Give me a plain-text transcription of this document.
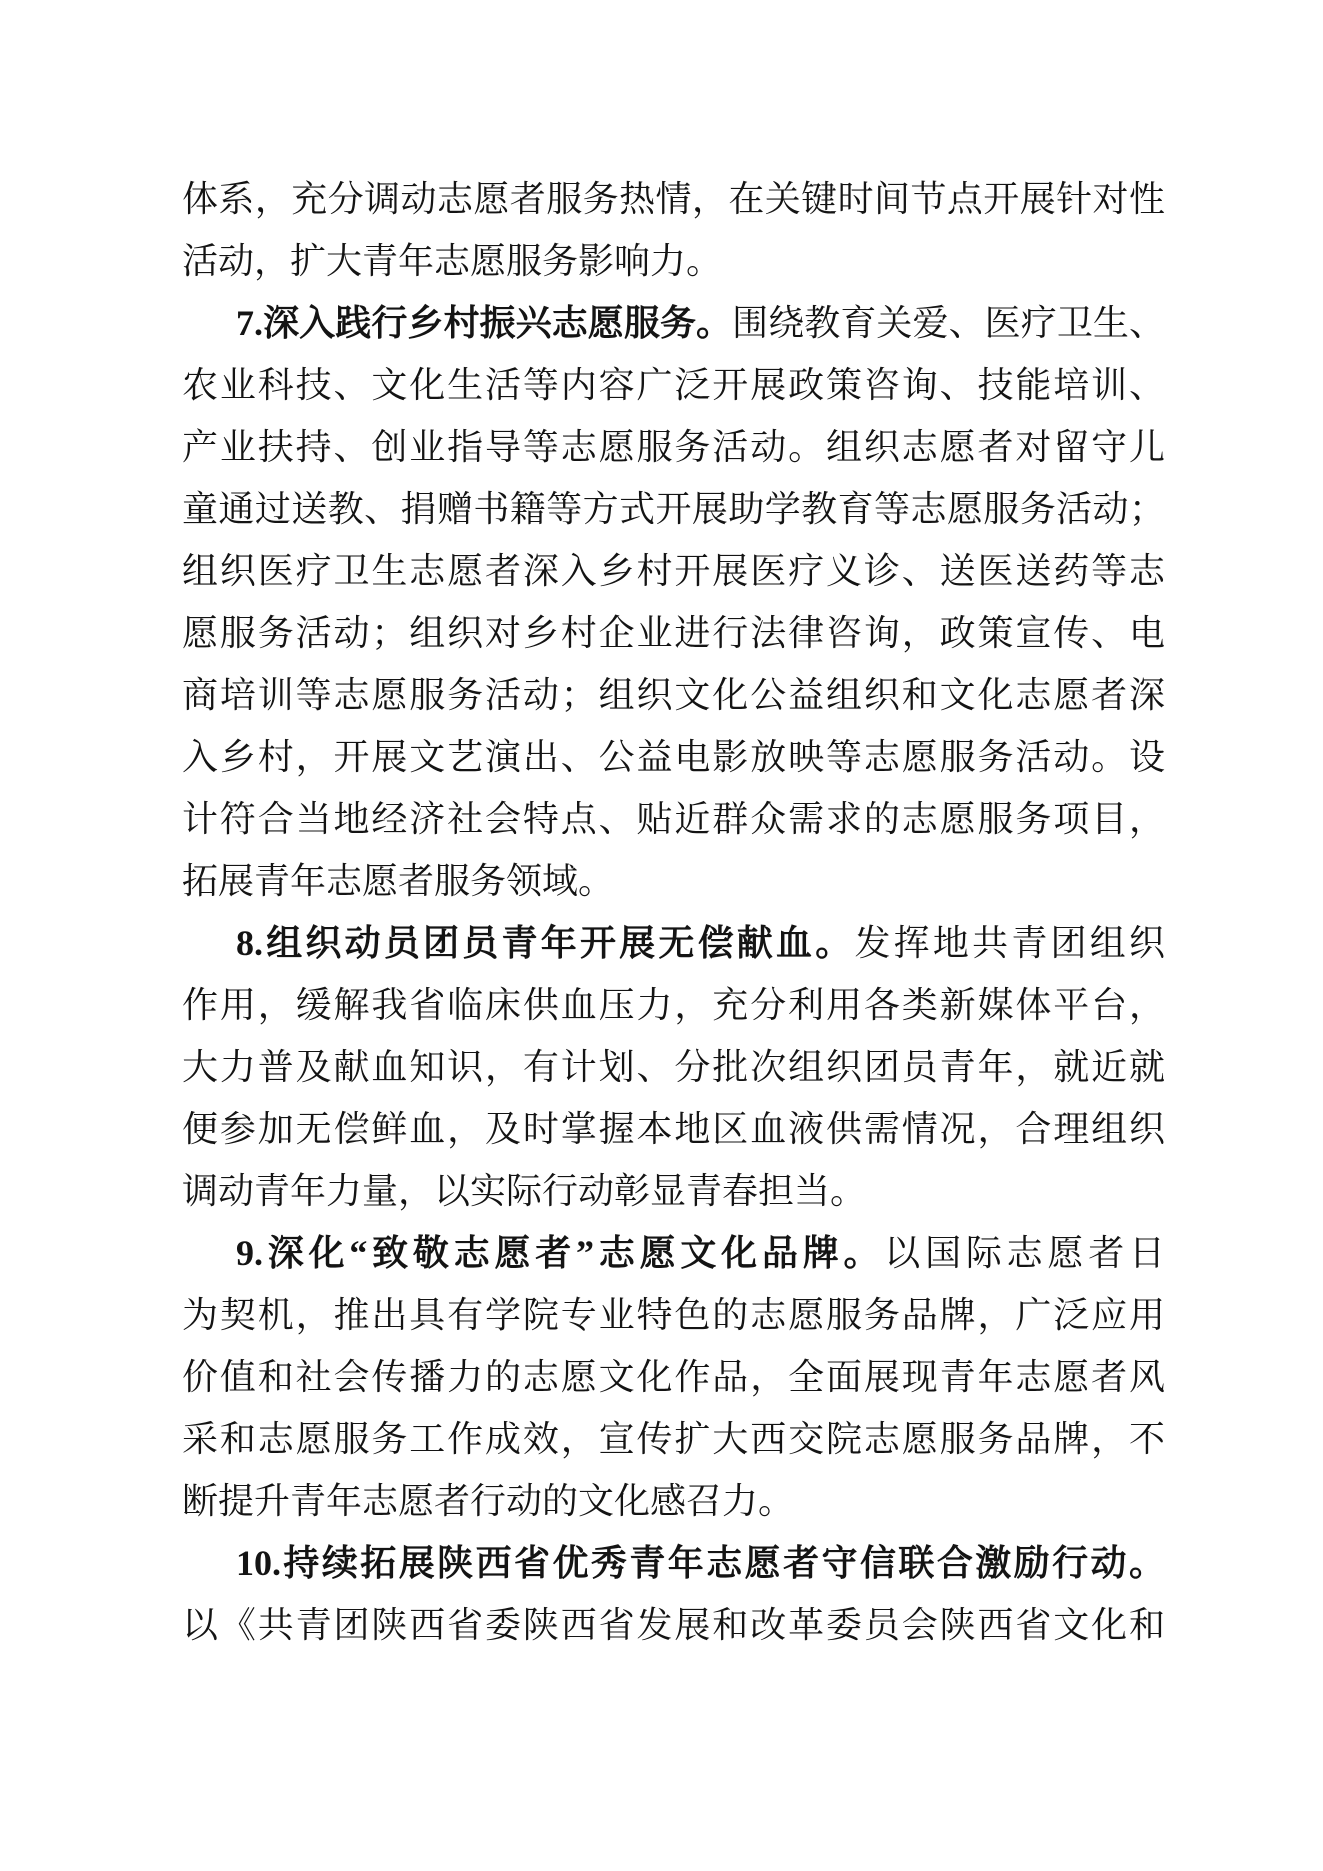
体系，充分调动志愿者服务热情，在关键时间节点开展针对性
活动，扩大青年志愿服务影响力。
7.深入践行乡村振兴志愿服务。围绕教育关爱、医疗卫生、
农业科技、文化生活等内容广泛开展政策咨询、技能培训、
产业扶持、创业指导等志愿服务活动。组织志愿者对留守儿
童通过送教、捐赠书籍等方式开展助学教育等志愿服务活动；
组织医疗卫生志愿者深入乡村开展医疗义诊、送医送药等志
愿服务活动；组织对乡村企业进行法律咨询，政策宣传、电
商培训等志愿服务活动；组织文化公益组织和文化志愿者深
入乡村，开展文艺演出、公益电影放映等志愿服务活动。设
计符合当地经济社会特点、贴近群众需求的志愿服务项目，
拓展青年志愿者服务领域。
8.组织动员团员青年开展无偿献血。发挥地共青团组织
作用，缓解我省临床供血压力，充分利用各类新媒体平台，
大力普及献血知识，有计划、分批次组织团员青年，就近就
便参加无偿鲜血，及时掌握本地区血液供需情况，合理组织
调动青年力量，以实际行动彰显青春担当。
9.深化“致敬志愿者”志愿文化品牌。以国际志愿者日
为契机，推出具有学院专业特色的志愿服务品牌，广泛应用
价值和社会传播力的志愿文化作品，全面展现青年志愿者风
采和志愿服务工作成效，宣传扩大西交院志愿服务品牌，不
断提升青年志愿者行动的文化感召力。
10.持续拓展陕西省优秀青年志愿者守信联合激励行动。
以《共青团陕西省委陕西省发展和改革委员会陕西省文化和
